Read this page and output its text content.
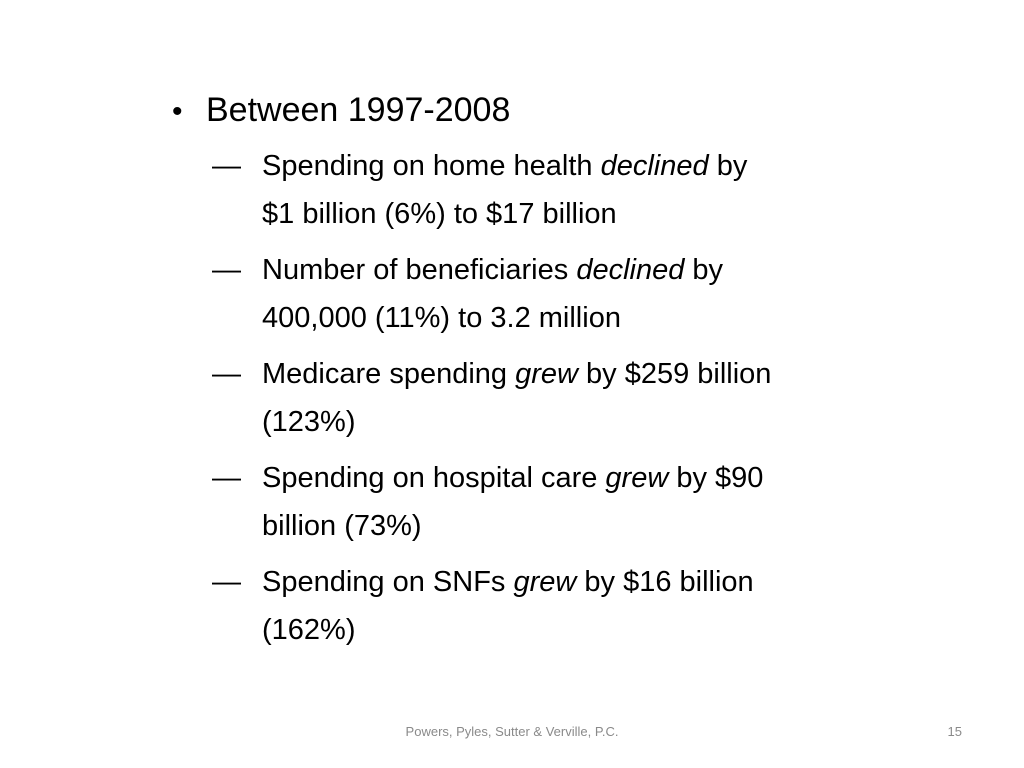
• Between 1997-2008
— Spending on home health declined by
$1 billion (6%) to $17 billion
— Number of beneficiaries declined by
400,000 (11%) to 3.2 million
— Medicare spending grew by $259 billion
(123%)
— Spending on hospital care grew by $90
billion (73%)
— Spending on SNFs grew by $16 billion
(162%)
Powers, Pyles, Sutter & Verville, P.C.	15
